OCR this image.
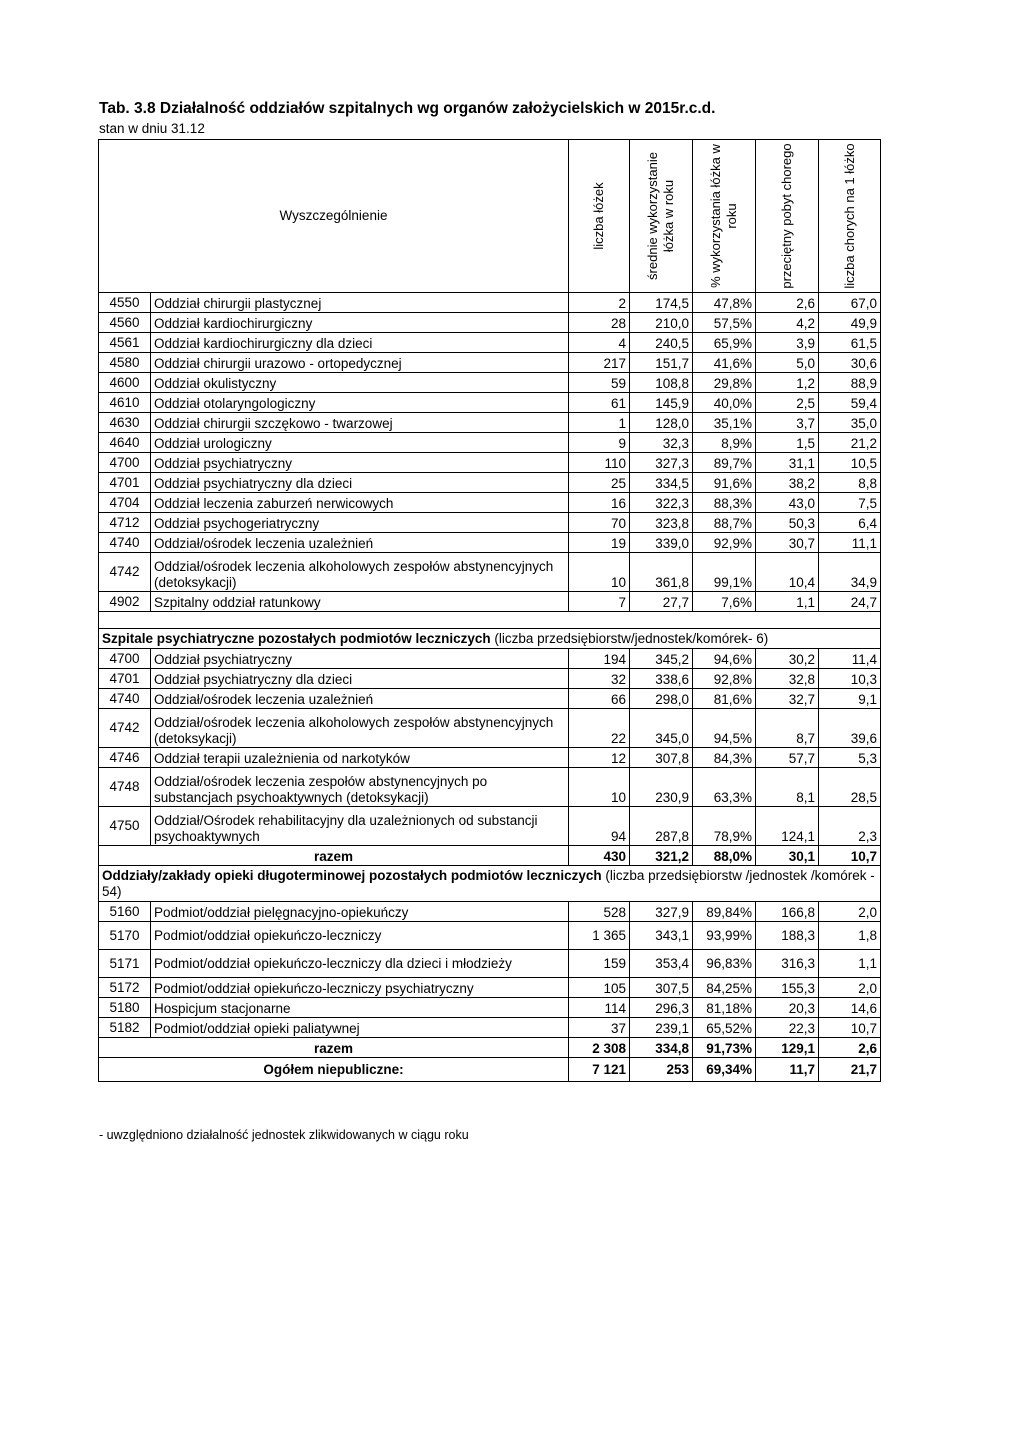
Tab. 3.8 Działalność oddziałów szpitalnych wg organów założycielskich w 2015r.c.d.
stan w dniu 31.12
Wyszczególnienie		liczba łóżek	średnie wykorzystanie łóżka w roku	% wykorzystania łóżka w roku	przeciętny pobyt chorego	liczba chorych na 1 łóżko

4550	Oddział chirurgii plastycznej	2	174,5	47,8%	2,6	67,0
4560	Oddział kardiochirurgiczny	28	210,0	57,5%	4,2	49,9
4561	Oddział kardiochirurgiczny dla dzieci	4	240,5	65,9%	3,9	61,5
4580	Oddział chirurgii urazowo - ortopedycznej	217	151,7	41,6%	5,0	30,6
4600	Oddział okulistyczny	59	108,8	29,8%	1,2	88,9
4610	Oddział otolaryngologiczny	61	145,9	40,0%	2,5	59,4
4630	Oddział chirurgii szczękowo - twarzowej	1	128,0	35,1%	3,7	35,0
4640	Oddział urologiczny	9	32,3	8,9%	1,5	21,2
4700	Oddział psychiatryczny	110	327,3	89,7%	31,1	10,5
4701	Oddział psychiatryczny dla dzieci	25	334,5	91,6%	38,2	8,8
4704	Oddział leczenia zaburzeń nerwicowych	16	322,3	88,3%	43,0	7,5
4712	Oddział psychogeriatryczny	70	323,8	88,7%	50,3	6,4
4740	Oddział/ośrodek leczenia uzależnień	19	339,0	92,9%	30,7	11,1
4742	Oddział/ośrodek leczenia alkoholowych zespołów abstynencyjnych (detoksykacji)	10	361,8	99,1%	10,4	34,9
4902	Szpitalny oddział ratunkowy	7	27,7	7,6%	1,1	24,7

Szpitale psychiatryczne pozostałych podmiotów leczniczych (liczba przedsiębiorstw/jednostek/komórek- 6)						
4700	Oddział psychiatryczny	194	345,2	94,6%	30,2	11,4
4701	Oddział psychiatryczny dla dzieci	32	338,6	92,8%	32,8	10,3
4740	Oddział/ośrodek leczenia uzależnień	66	298,0	81,6%	32,7	9,1
4742	Oddział/ośrodek leczenia alkoholowych zespołów abstynencyjnych (detoksykacji)	22	345,0	94,5%	8,7	39,6
4746	Oddział terapii uzależnienia od narkotyków	12	307,8	84,3%	57,7	5,3
4748	Oddział/ośrodek leczenia zespołów abstynencyjnych po substancjach psychoaktywnych (detoksykacji)	10	230,9	63,3%	8,1	28,5
4750	Oddział/Ośrodek rehabilitacyjny dla uzależnionych od substancji psychoaktywnych	94	287,8	78,9%	124,1	2,3
razem		430	321,2	88,0%	30,1	10,7
Oddziały/zakłady opieki długoterminowej pozostałych podmiotów leczniczych (liczba przedsiębiorstw /jednostek /komórek - 54)						
5160	Podmiot/oddział pielęgnacyjno-opiekuńczy	528	327,9	89,84%	166,8	2,0
5170	Podmiot/oddział opiekuńczo-leczniczy	1 365	343,1	93,99%	188,3	1,8
5171	Podmiot/oddział opiekuńczo-leczniczy dla dzieci i młodzieży	159	353,4	96,83%	316,3	1,1
5172	Podmiot/oddział opiekuńczo-leczniczy psychiatryczny	105	307,5	84,25%	155,3	2,0
5180	Hospicjum stacjonarne	114	296,3	81,18%	20,3	14,6
5182	Podmiot/oddział opieki paliatywnej	37	239,1	65,52%	22,3	10,7
razem		2 308	334,8	91,73%	129,1	2,6
Ogółem niepubliczne:		7 121	253	69,34%	11,7	21,7
- uwzględniono działalność jednostek zlikwidowanych w ciągu roku
